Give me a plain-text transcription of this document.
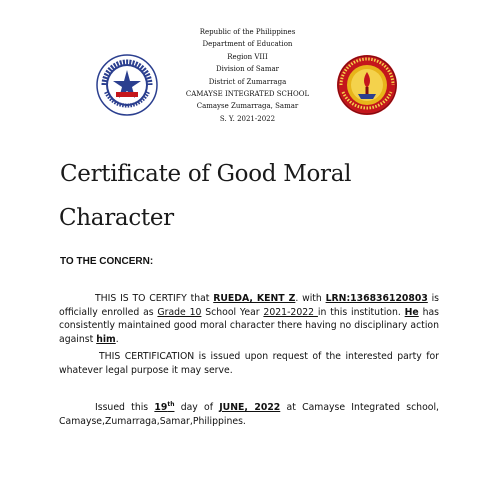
Republic of the Philippines
Department of Education
Region VIII
Division of Samar
District of Zumarraga
CAMAYSE INTEGRATED SCHOOL
Camayse Zumarraga, Samar
S. Y. 2021-2022
Certificate of Good Moral
Character
TO THE CONCERN:
THIS IS TO CERTIFY that RUEDA, KENT Z. with LRN:136836120803 is officially enrolled as Grade 10 School Year 2021-2022 in this institution. He has consistently maintained good moral character there having no disciplinary action against him.
THIS CERTIFICATION is issued upon request of the interested party for whatever legal purpose it may serve.
Issued this 19th day of JUNE, 2022 at Camayse Integrated school, Camayse,Zumarraga,Samar,Philippines.
